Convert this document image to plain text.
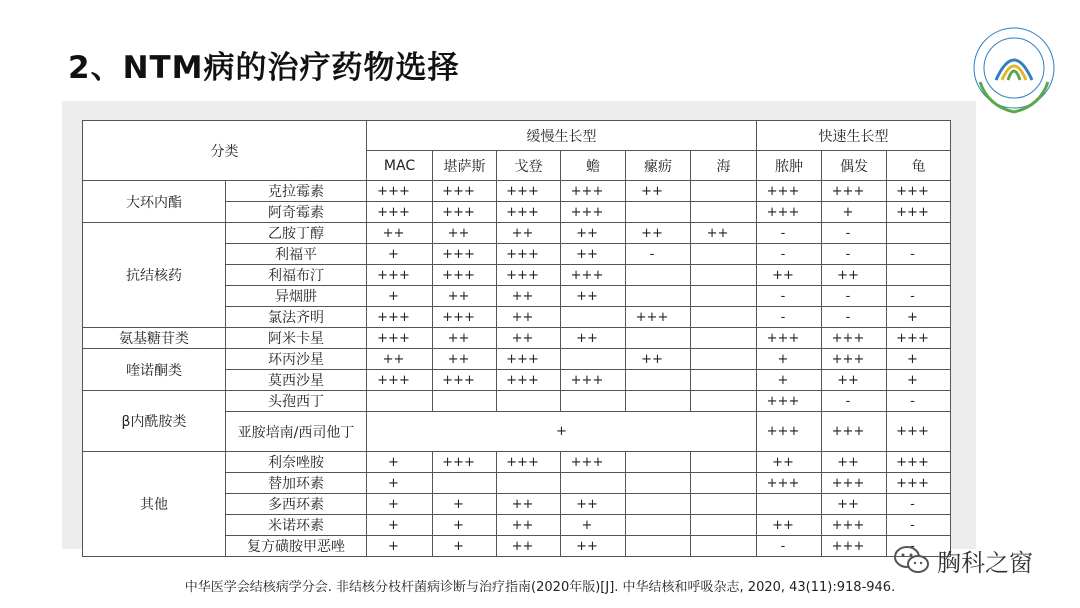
2、NTM病的治疗药物选择
分类		缓慢生长型						快速生长型		
		MAC	堪萨斯	戈登	蟾	瘰疬	海	脓肿	偶发	龟
大环内酯	克拉霉素	+++	+++	+++	+++	++		+++	+++	+++
	阿奇霉素	+++	+++	+++	+++			+++	+	+++
抗结核药	乙胺丁醇	++	++	++	++	++	++	-	-	
	利福平	+	+++	+++	++	-		-	-	-
	利福布汀	+++	+++	+++	+++			++	++	
	异烟肼	+	++	++	++			-	-	-
	氯法齐明	+++	+++	++		+++		-	-	+
氨基糖苷类	阿米卡星	+++	++	++	++			+++	+++	+++
喹诺酮类	环丙沙星	++	++	+++		++		+	+++	+
	莫西沙星	+++	+++	+++	+++			+	++	+
β内酰胺类	头孢西丁							+++	-	-
	亚胺培南/西司他丁	+						+++	+++	+++
其他	利奈唑胺	+	+++	+++	+++			++	++	+++
	替加环素	+						+++	+++	+++
	多西环素	+	+	++	++				++	-
	米诺环素	+	+	++	+			++	+++	-
	复方磺胺甲恶唑	+	+	++	++			-	+++	-
中华医学会结核病学分会. 非结核分枝杆菌病诊断与治疗指南(2020年版)[J]. 中华结核和呼吸杂志, 2020, 43(11):918-946.
胸科之窗
